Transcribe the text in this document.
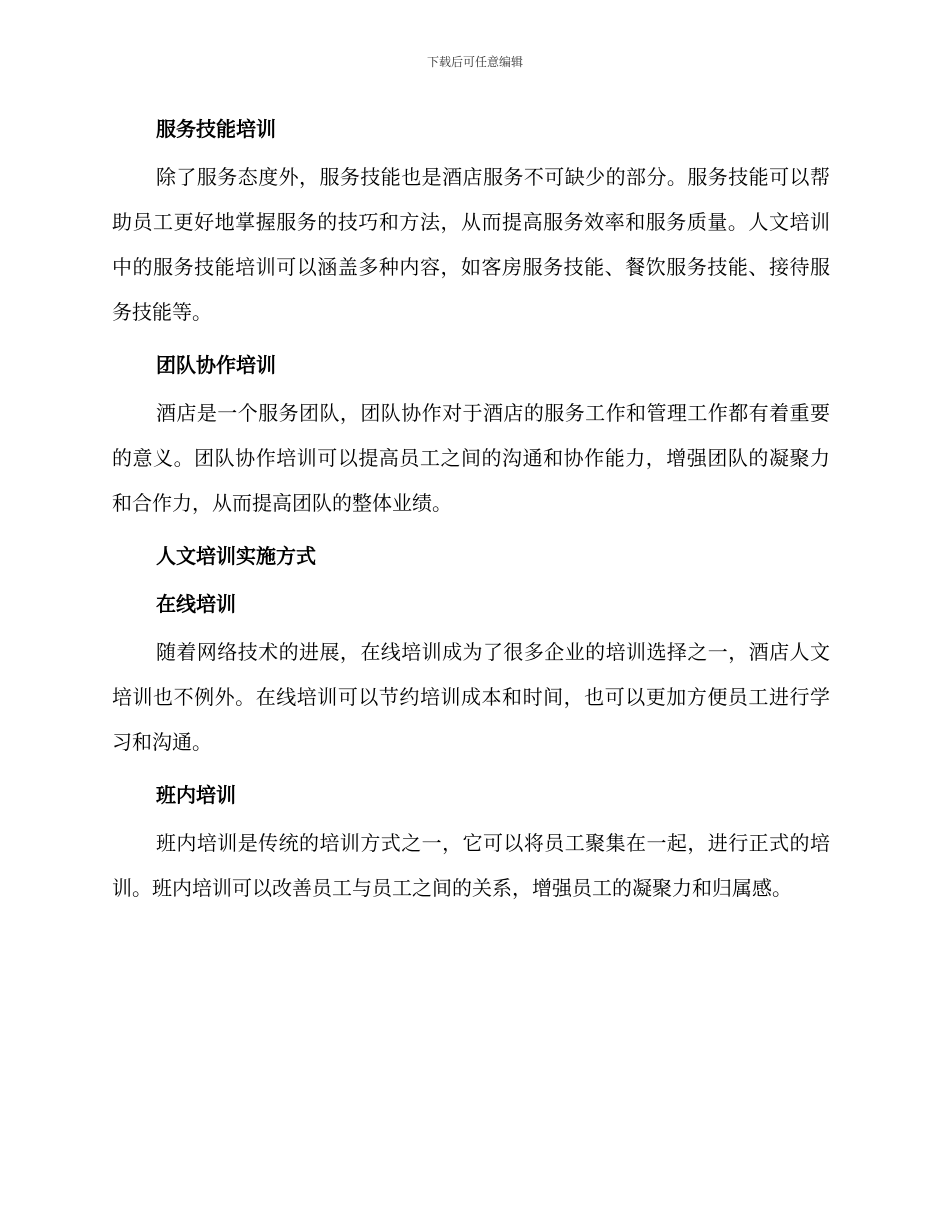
下载后可任意编辑
服务技能培训

除了服务态度外，服务技能也是酒店服务不可缺少的部分。服务技能可以帮助员工更好地掌握服务的技巧和方法，从而提高服务效率和服务质量。人文培训中的服务技能培训可以涵盖多种内容，如客房服务技能、餐饮服务技能、接待服务技能等。

团队协作培训

酒店是一个服务团队，团队协作对于酒店的服务工作和管理工作都有着重要的意义。团队协作培训可以提高员工之间的沟通和协作能力，增强团队的凝聚力和合作力，从而提高团队的整体业绩。

人文培训实施方式
在线培训

随着网络技术的进展，在线培训成为了很多企业的培训选择之一，酒店人文培训也不例外。在线培训可以节约培训成本和时间，也可以更加方便员工进行学习和沟通。

班内培训

班内培训是传统的培训方式之一，它可以将员工聚集在一起，进行正式的培训。班内培训可以改善员工与员工之间的关系，增强员工的凝聚力和归属感。
